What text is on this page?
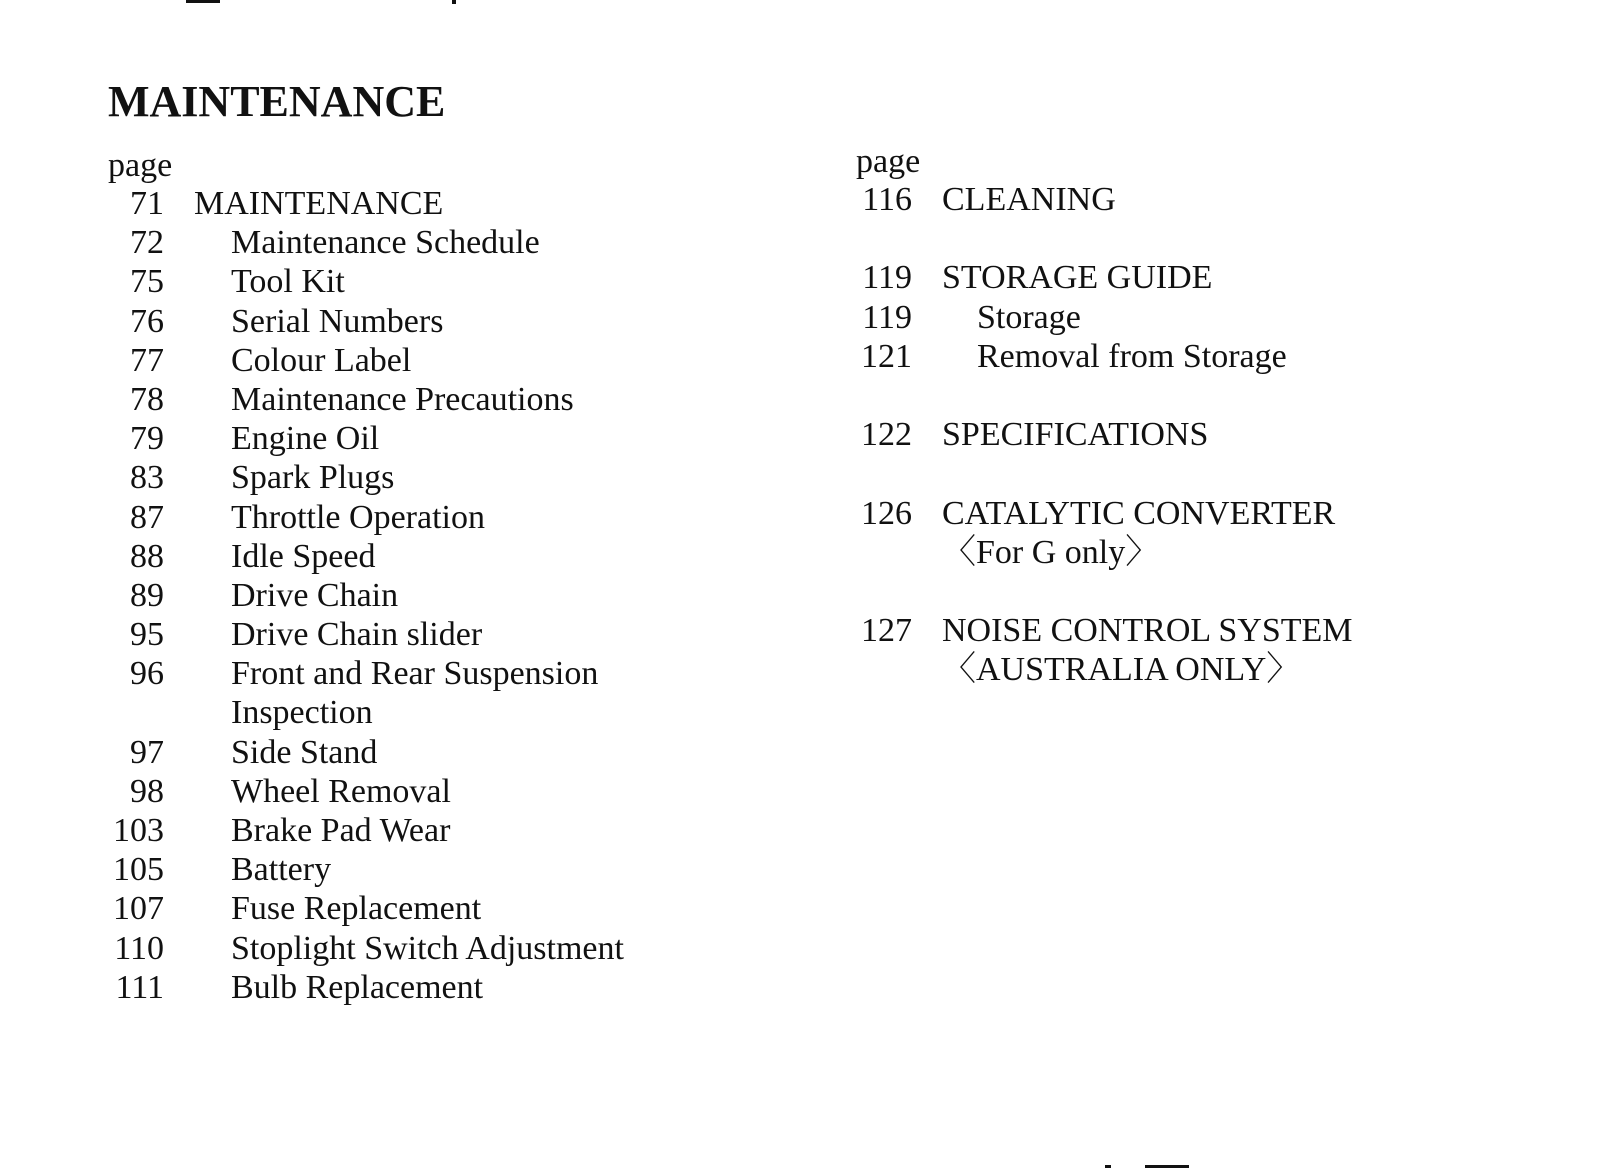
MAINTENANCE
page
71 MAINTENANCE
72 Maintenance Schedule
75 Tool Kit
76 Serial Numbers
77 Colour Label
78 Maintenance Precautions
79 Engine Oil
83 Spark Plugs
87 Throttle Operation
88 Idle Speed
89 Drive Chain
95 Drive Chain slider
96 Front and Rear Suspension
Inspection
97 Side Stand
98 Wheel Removal
103 Brake Pad Wear
105 Battery
107 Fuse Replacement
110 Stoplight Switch Adjustment
111 Bulb Replacement
page
116 CLEANING
119 STORAGE GUIDE
119 Storage
121 Removal from Storage
122 SPECIFICATIONS
126 CATALYTIC CONVERTER
〈For G only〉
127 NOISE CONTROL SYSTEM
〈AUSTRALIA ONLY〉
